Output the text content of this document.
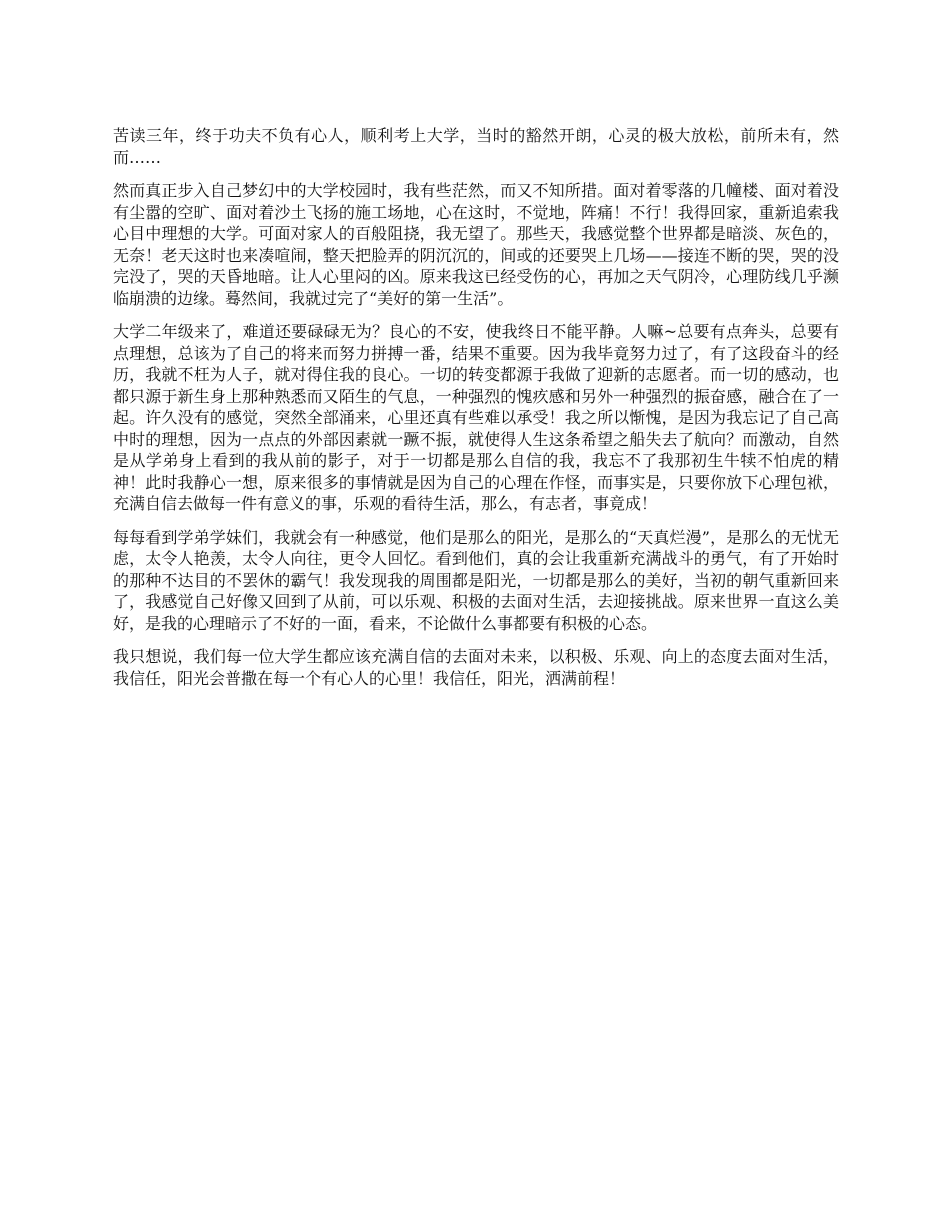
苦读三年，终于功夫不负有心人，顺利考上大学，当时的豁然开朗，心灵的极大放松，前所未有，然而……

然而真正步入自己梦幻中的大学校园时，我有些茫然，而又不知所措。面对着零落的几幢楼、面对着没有尘嚣的空旷、面对着沙土飞扬的施工场地，心在这时，不觉地，阵痛！不行！我得回家，重新追索我心目中理想的大学。可面对家人的百般阻挠，我无望了。那些天，我感觉整个世界都是暗淡、灰色的，无奈！老天这时也来凑喧闹，整天把脸弄的阴沉沉的，间或的还要哭上几场——接连不断的哭，哭的没完没了，哭的天昏地暗。让人心里闷的凶。原来我这已经受伤的心，再加之天气阴冷，心理防线几乎濒临崩溃的边缘。蓦然间，我就过完了“美好的第一生活”。

大学二年级来了，难道还要碌碌无为？良心的不安，使我终日不能平静。人嘛~总要有点奔头，总要有点理想，总该为了自己的将来而努力拼搏一番，结果不重要。因为我毕竟努力过了，有了这段奋斗的经历，我就不枉为人子，就对得住我的良心。一切的转变都源于我做了迎新的志愿者。而一切的感动，也都只源于新生身上那种熟悉而又陌生的气息，一种强烈的愧疚感和另外一种强烈的振奋感，融合在了一起。许久没有的感觉，突然全部涌来，心里还真有些难以承受！我之所以惭愧，是因为我忘记了自己高中时的理想，因为一点点的外部因素就一蹶不振，就使得人生这条希望之船失去了航向？而激动，自然是从学弟身上看到的我从前的影子，对于一切都是那么自信的我，我忘不了我那初生牛犊不怕虎的精神！此时我静心一想，原来很多的事情就是因为自己的心理在作怪，而事实是，只要你放下心理包袱，充满自信去做每一件有意义的事，乐观的看待生活，那么，有志者，事竟成！

每每看到学弟学妹们，我就会有一种感觉，他们是那么的阳光，是那么的“天真烂漫”，是那么的无忧无虑，太令人艳羡，太令人向往，更令人回忆。看到他们，真的会让我重新充满战斗的勇气，有了开始时的那种不达目的不罢休的霸气！我发现我的周围都是阳光，一切都是那么的美好，当初的朝气重新回来了，我感觉自己好像又回到了从前，可以乐观、积极的去面对生活，去迎接挑战。原来世界一直这么美好，是我的心理暗示了不好的一面，看来，不论做什么事都要有积极的心态。

我只想说，我们每一位大学生都应该充满自信的去面对未来，以积极、乐观、向上的态度去面对生活，我信任，阳光会普撒在每一个有心人的心里！我信任，阳光，洒满前程！
